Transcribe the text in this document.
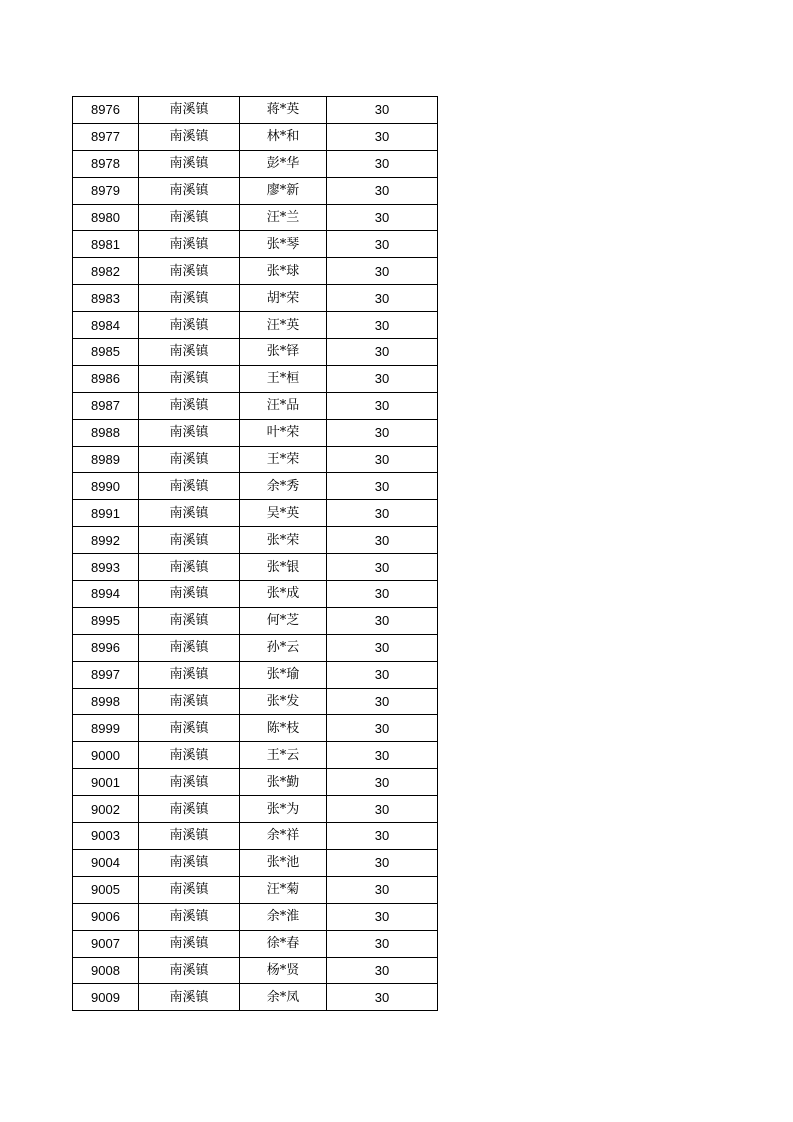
8976	南溪镇	蒋*英	30
8977	南溪镇	林*和	30
8978	南溪镇	彭*华	30
8979	南溪镇	廖*新	30
8980	南溪镇	汪*兰	30
8981	南溪镇	张*琴	30
8982	南溪镇	张*球	30
8983	南溪镇	胡*荣	30
8984	南溪镇	汪*英	30
8985	南溪镇	张*铎	30
8986	南溪镇	王*桓	30
8987	南溪镇	汪*品	30
8988	南溪镇	叶*荣	30
8989	南溪镇	王*荣	30
8990	南溪镇	余*秀	30
8991	南溪镇	吴*英	30
8992	南溪镇	张*荣	30
8993	南溪镇	张*银	30
8994	南溪镇	张*成	30
8995	南溪镇	何*芝	30
8996	南溪镇	孙*云	30
8997	南溪镇	张*瑜	30
8998	南溪镇	张*发	30
8999	南溪镇	陈*枝	30
9000	南溪镇	王*云	30
9001	南溪镇	张*勤	30
9002	南溪镇	张*为	30
9003	南溪镇	余*祥	30
9004	南溪镇	张*池	30
9005	南溪镇	汪*菊	30
9006	南溪镇	余*淮	30
9007	南溪镇	徐*春	30
9008	南溪镇	杨*贤	30
9009	南溪镇	余*凤	30
